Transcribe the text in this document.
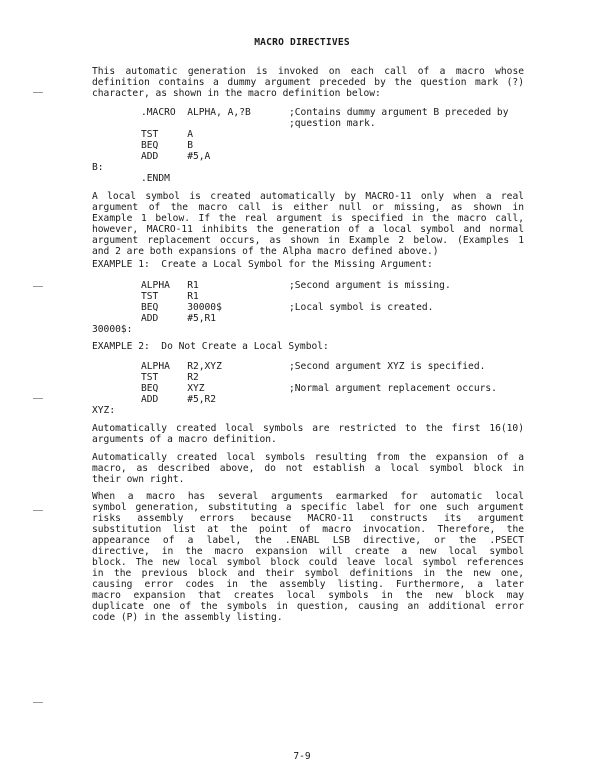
MACRO DIRECTIVES
This automatic generation is invoked on each call of a macro whose
definition contains a dummy argument preceded by the question mark (?)
character, as shown in the macro definition below:
.MACRO  ALPHA, A,?B	;Contains dummy argument B preceded by
;question mark.
TST     A
BEQ     B
ADD     #5,A
B:
.ENDM
A local symbol is created automatically by MACRO-11 only when a real
argument of the macro call is either null or missing, as shown in
Example 1 below. If the real argument is specified in the macro call,
however, MACRO-11 inhibits the generation of a local symbol and normal
argument replacement occurs, as shown in Example 2 below. (Examples 1
and 2 are both expansions of the Alpha macro defined above.)
EXAMPLE 1:  Create a Local Symbol for the Missing Argument:
ALPHA   R1	;Second argument is missing.
TST     R1
BEQ     30000$	;Local symbol is created.
ADD     #5,R1
30000$:
EXAMPLE 2:  Do Not Create a Local Symbol:
ALPHA   R2,XYZ	;Second argument XYZ is specified.
TST     R2
BEQ     XYZ	;Normal argument replacement occurs.
ADD     #5,R2
XYZ:
Automatically created local symbols are restricted to the first 16(10)
arguments of a macro definition.
Automatically created local symbols resulting from the expansion of a
macro, as described above, do not establish a local symbol block in
their own right.
When a macro has several arguments earmarked for automatic local
symbol generation, substituting a specific label for one such argument
risks assembly errors because MACRO-11 constructs its argument
substitution list at the point of macro invocation. Therefore, the
appearance of a label, the .ENABL LSB directive, or the .PSECT
directive, in the macro expansion will create a new local symbol
block. The new local symbol block could leave local symbol references
in the previous block and their symbol definitions in the new one,
causing error codes in the assembly listing. Furthermore, a later
macro expansion that creates local symbols in the new block may
duplicate one of the symbols in question, causing an additional error
code (P) in the assembly listing.
7-9
